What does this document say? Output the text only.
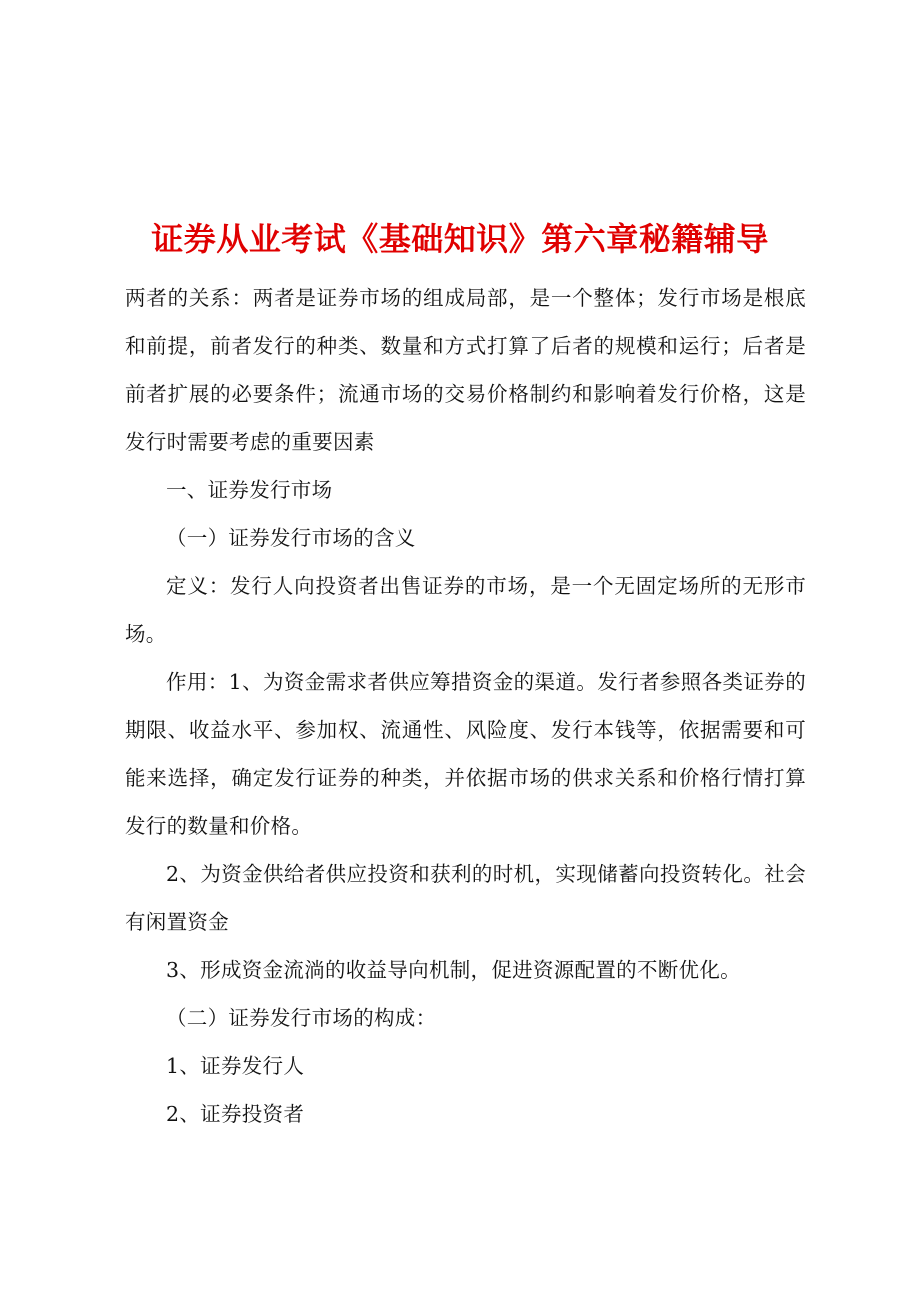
证券从业考试《基础知识》第六章秘籍辅导

两者的关系：两者是证券市场的组成局部，是一个整体；发行市场是根底和前提，前者发行的种类、数量和方式打算了后者的规模和运行；后者是前者扩展的必要条件；流通市场的交易价格制约和影响着发行价格，这是发行时需要考虑的重要因素

一、证券发行市场

（一）证券发行市场的含义

定义：发行人向投资者出售证券的市场，是一个无固定场所的无形市场。

作用：1、为资金需求者供应筹措资金的渠道。发行者参照各类证券的期限、收益水平、参加权、流通性、风险度、发行本钱等，依据需要和可能来选择，确定发行证券的种类，并依据市场的供求关系和价格行情打算发行的数量和价格。

2、为资金供给者供应投资和获利的时机，实现储蓄向投资转化。社会有闲置资金

3、形成资金流淌的收益导向机制，促进资源配置的不断优化。

（二）证券发行市场的构成：

1、证券发行人

2、证券投资者
